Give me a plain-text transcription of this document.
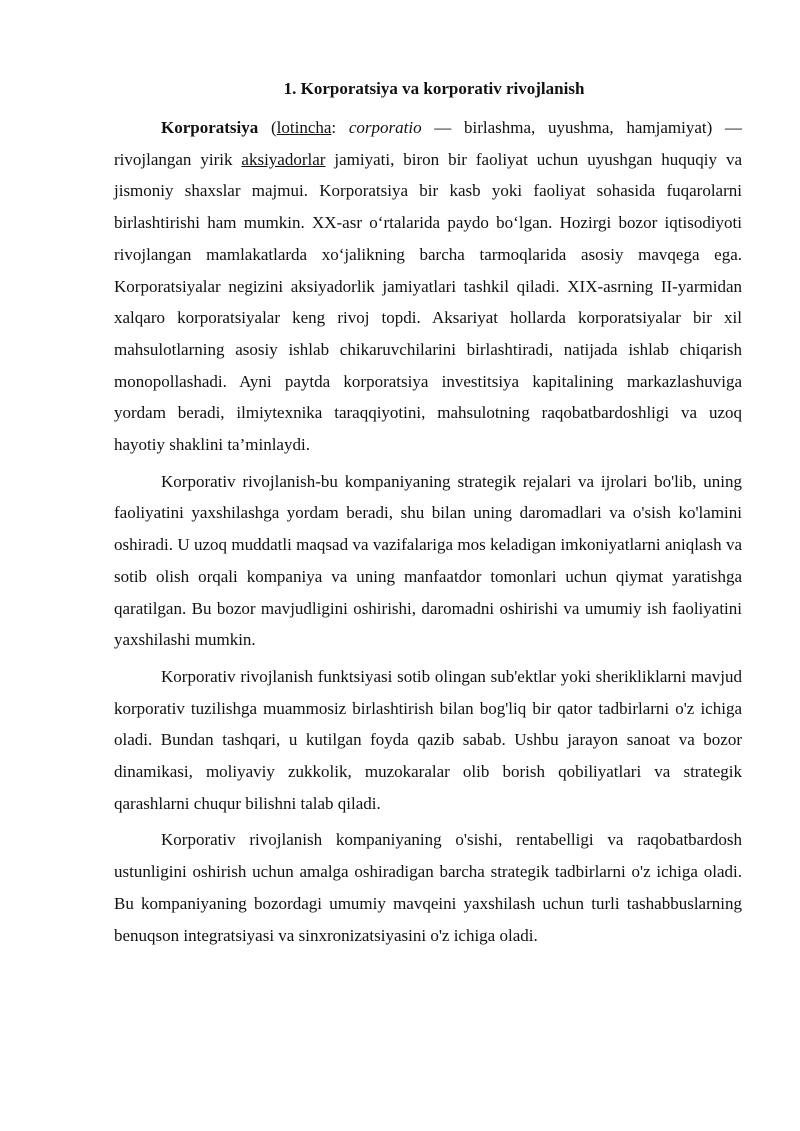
1. Korporatsiya va korporativ rivojlanish

Korporatsiya (lotincha: corporatio — birlashma, uyushma, hamjamiyat) — rivojlangan yirik aksiyadorlar jamiyati, biron bir faoliyat uchun uyushgan huquqiy va jismoniy shaxslar majmui. Korporatsiya bir kasb yoki faoliyat sohasida fuqarolarni birlashtirishi ham mumkin. XX-asr o‘rtalarida paydo bo‘lgan. Hozirgi bozor iqtisodiyoti rivojlangan mamlakatlarda xo‘jalikning barcha tarmoqlarida asosiy mavqega ega. Korporatsiyalar negizini aksiyadorlik jamiyatlari tashkil qiladi. XIX-asrning II-yarmidan xalqaro korporatsiyalar keng rivoj topdi. Aksariyat hollarda korporatsiyalar bir xil mahsulotlarning asosiy ishlab chikaruvchilarini birlashtiradi, natijada ishlab chiqarish monopollashadi. Ayni paytda korporatsiya investitsiya kapitalining markazlashuviga yordam beradi, ilmiytexnika taraqqiyotini, mahsulotning raqobatbardoshligi va uzoq hayotiy shaklini ta’minlaydi.

Korporativ rivojlanish-bu kompaniyaning strategik rejalari va ijrolari bo'lib, uning faoliyatini yaxshilashga yordam beradi, shu bilan uning daromadlari va o'sish ko'lamini oshiradi. U uzoq muddatli maqsad va vazifalariga mos keladigan imkoniyatlarni aniqlash va sotib olish orqali kompaniya va uning manfaatdor tomonlari uchun qiymat yaratishga qaratilgan. Bu bozor mavjudligini oshirishi, daromadni oshirishi va umumiy ish faoliyatini yaxshilashi mumkin.

Korporativ rivojlanish funktsiyasi sotib olingan sub'ektlar yoki sherikliklarni mavjud korporativ tuzilishga muammosiz birlashtirish bilan bog'liq bir qator tadbirlarni o'z ichiga oladi. Bundan tashqari, u kutilgan foyda qazib sabab. Ushbu jarayon sanoat va bozor dinamikasi, moliyaviy zukkolik, muzokaralar olib borish qobiliyatlari va strategik qarashlarni chuqur bilishni talab qiladi.

Korporativ rivojlanish kompaniyaning o'sishi, rentabelligi va raqobatbardosh ustunligini oshirish uchun amalga oshiradigan barcha strategik tadbirlarni o'z ichiga oladi. Bu kompaniyaning bozordagi umumiy mavqeini yaxshilash uchun turli tashabbuslarning benuqson integratsiyasi va sinxronizatsiyasini o'z ichiga oladi.
